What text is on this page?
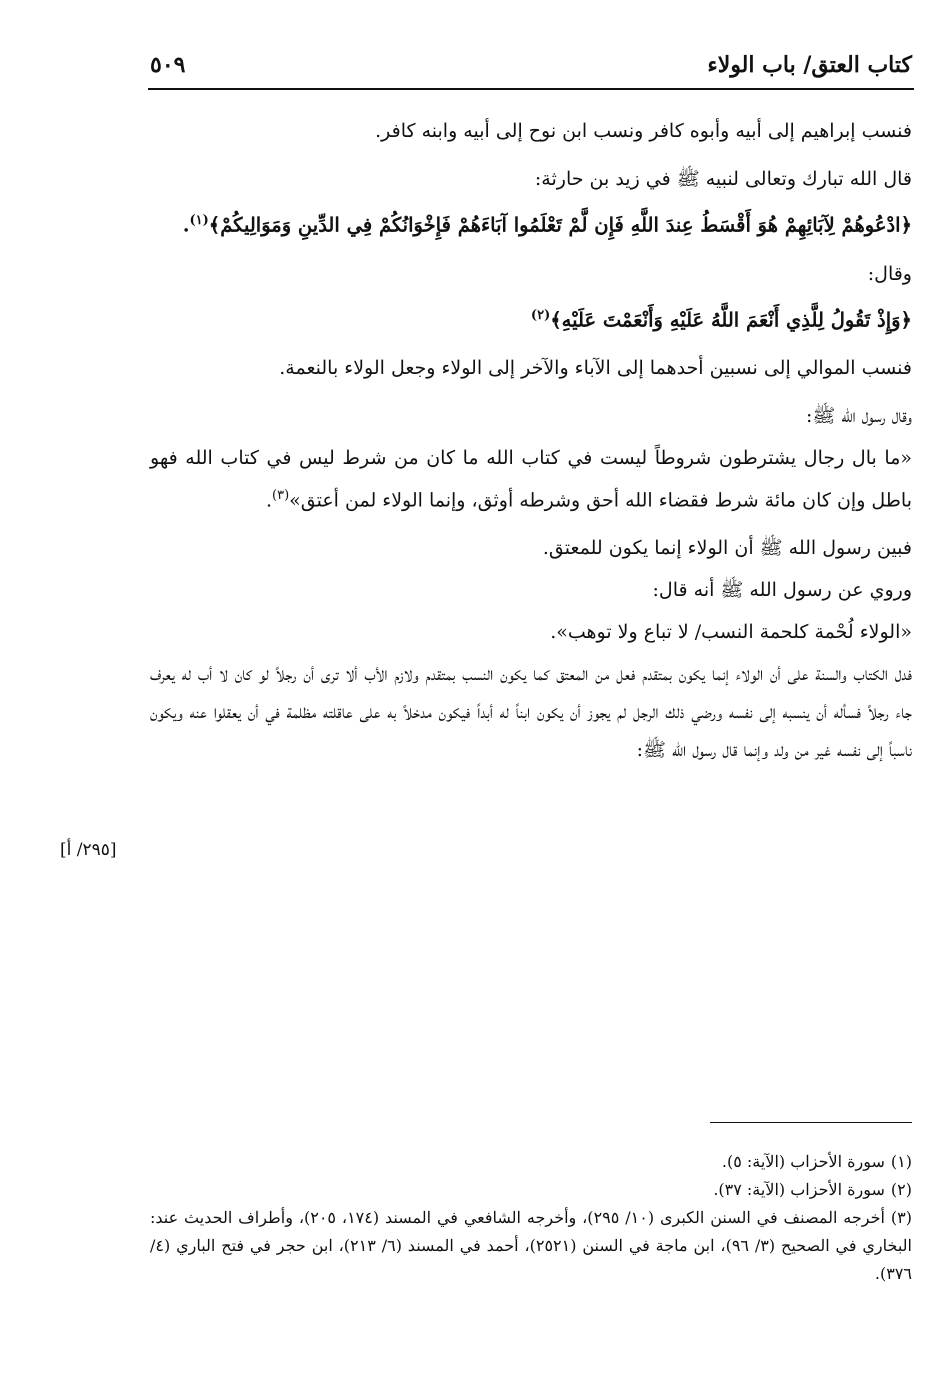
كتاب العتق/ باب الولاء
٥٠٩

فنسب إبراهيم إلى أبيه وأبوه كافر ونسب ابن نوح إلى أبيه وابنه كافر.

قال الله تبارك وتعالى لنبيه ﷺ في زيد بن حارثة:

﴿ادْعُوهُمْ لِآبَائِهِمْ هُوَ أَقْسَطُ عِندَ اللَّهِ فَإِن لَّمْ تَعْلَمُوا آبَاءَهُمْ فَإِخْوَانُكُمْ فِي الدِّينِ وَمَوَالِيكُمْ﴾$^{(١)}$.

وقال:

﴿وَإِذْ تَقُولُ لِلَّذِي أَنْعَمَ اللَّهُ عَلَيْهِ وَأَنْعَمْتَ عَلَيْهِ﴾$^{(٢)}$

فنسب الموالي إلى نسبين أحدهما إلى الآباء والآخر إلى الولاء وجعل الولاء بالنعمة.

وقال رسول الله ﷺ:

«ما بال رجال يشترطون شروطاً ليست في كتاب الله ما كان من شرط ليس في كتاب الله فهو باطل وإن كان مائة شرط فقضاء الله أحق وشرطه أوثق، وإنما الولاء لمن أعتق»$^{(٣)}$.

فبين رسول الله ﷺ أن الولاء إنما يكون للمعتق.

وروي عن رسول الله ﷺ أنه قال:

«الولاء لُحْمة كلحمة النسب/ لا تباع ولا توهب».

فدل الكتاب والسنة على أن الولاء إنما يكون بمتقدم فعل من المعتق كما يكون النسب بمتقدم ولازم الأب ألا ترى أن رجلاً لو كان لا أب له يعرف جاء رجلاً فسأله أن ينسبه إلى نفسه ورضي ذلك الرجل لم يجوز أن يكون ابناً له أبداً فيكون مدخلاً به على عاقلته مظلمة في أن يعقلوا عنه ويكون ناسباً إلى نفسه غير من ولد وإنما قال رسول الله ﷺ:

[٢٩٥/ أ]

(١)سورة الأحزاب (الآية: ٥).

(٢)سورة الأحزاب (الآية: ٣٧).

(٣)أخرجه المصنف في السنن الكبرى (١٠/ ٢٩٥)، وأخرجه الشافعي في المسند (١٧٤، ٢٠٥)، وأطراف الحديث عند: البخاري في الصحيح (٣/ ٩٦)، ابن ماجة في السنن (٢٥٢١)، أحمد في المسند (٦/ ٢١٣)، ابن حجر في فتح الباري (٤/ ٣٧٦).
